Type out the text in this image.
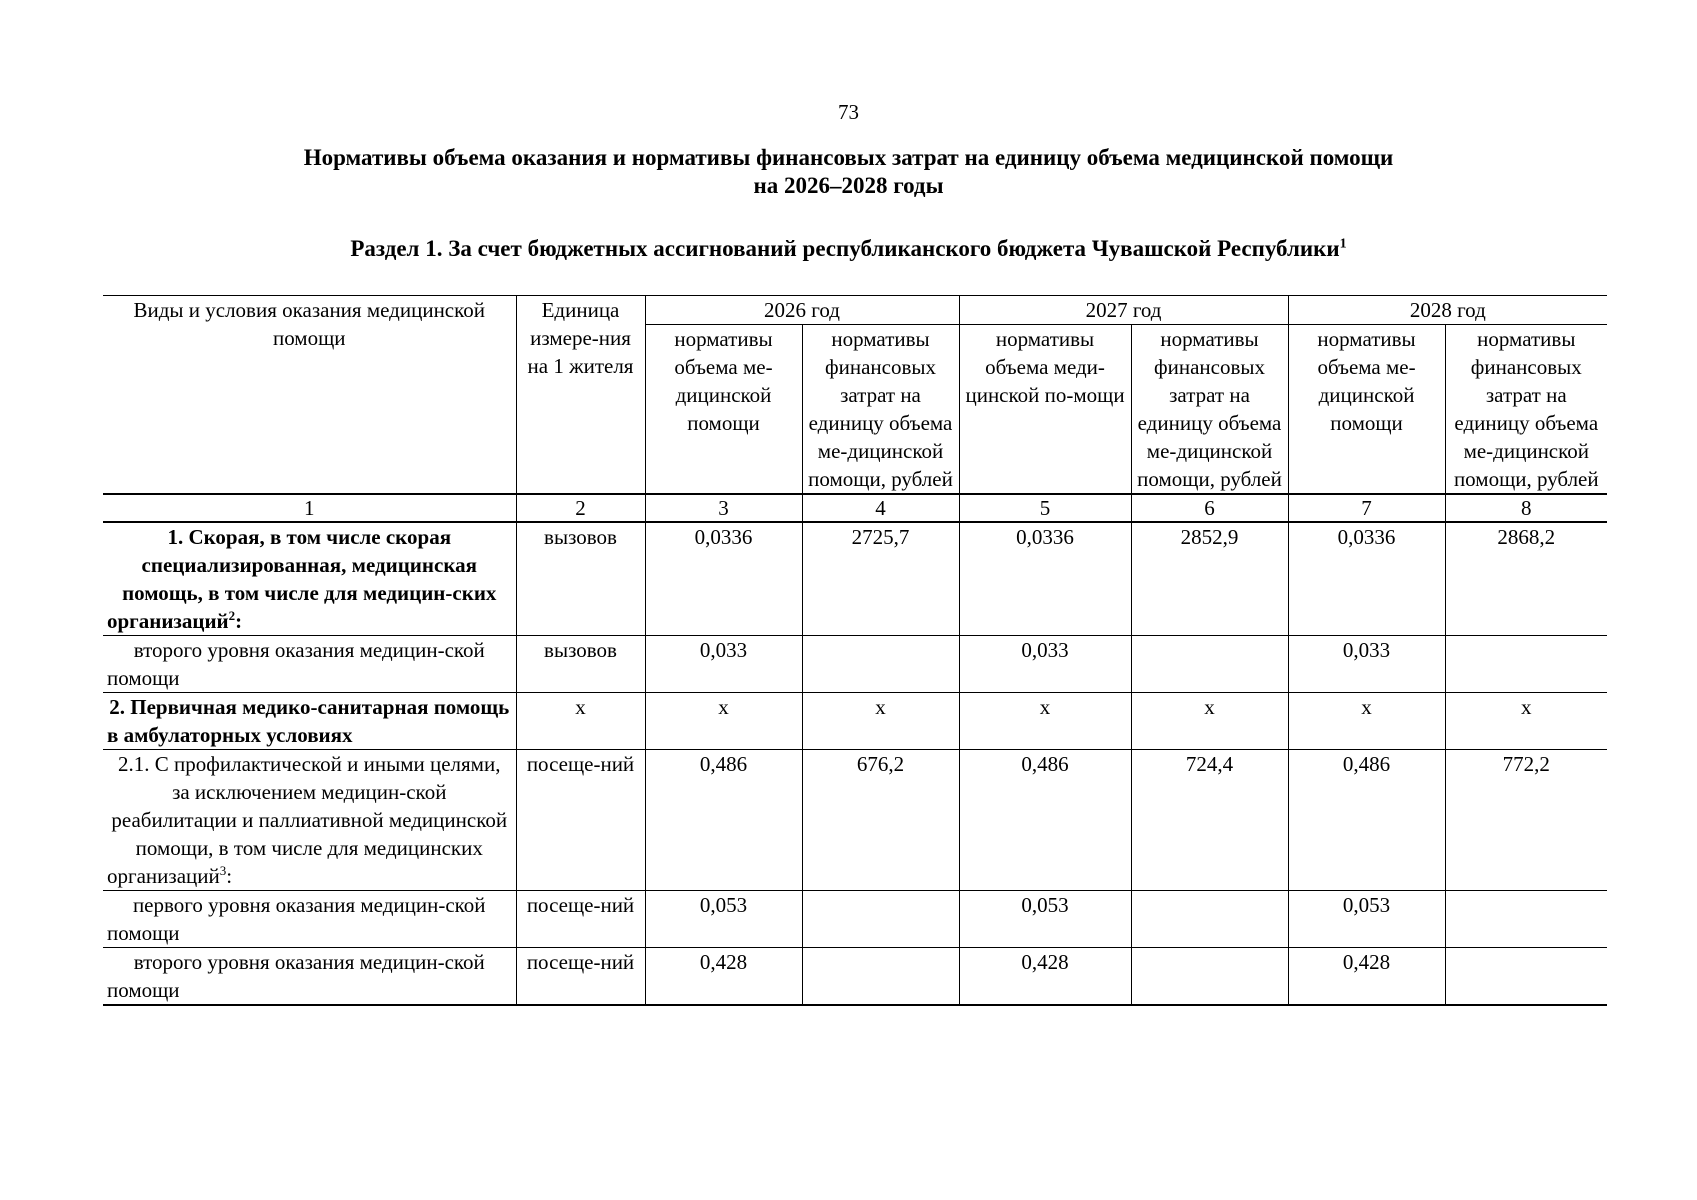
73
Нормативы объема оказания и нормативы финансовых затрат на единицу объема медицинской помощи
на 2026–2028 годы
Раздел 1. За счет бюджетных ассигнований республиканского бюджета Чувашской Республики$^1$
Виды и условия оказания медицинской помощи	Единица измере-ния на 1 жителя	2026 год		2027 год		2028 год	
		нормативы объема ме-дицинской помощи	нормативы финансовых затрат на единицу объема ме-дицинской помощи, рублей	нормативы объема меди-цинской по-мощи	нормативы финансовых затрат на единицу объема ме-дицинской помощи, рублей	нормативы объема ме-дицинской помощи	нормативы финансовых затрат на единицу объема ме-дицинской помощи, рублей
1	2	3	4	5	6	7	8
1. Скорая, в том числе скорая специализированная, медицинская помощь, в том числе для медицин-ских организаций$^2$:	вызовов	0,0336	2725,7	0,0336	2852,9	0,0336	2868,2
второго уровня оказания медицин-ской помощи	вызовов	0,033		0,033		0,033	
2. Первичная медико-санитарная помощь в амбулаторных условиях	х	х	х	х	х	х	х
2.1. С профилактической и иными целями, за исключением медицин-ской реабилитации и паллиативной медицинской помощи, в том числе для медицинских организаций$^3$:	посеще-ний	0,486	676,2	0,486	724,4	0,486	772,2
первого уровня оказания медицин-ской помощи	посеще-ний	0,053		0,053		0,053	
второго уровня оказания медицин-ской помощи	посеще-ний	0,428		0,428		0,428	
